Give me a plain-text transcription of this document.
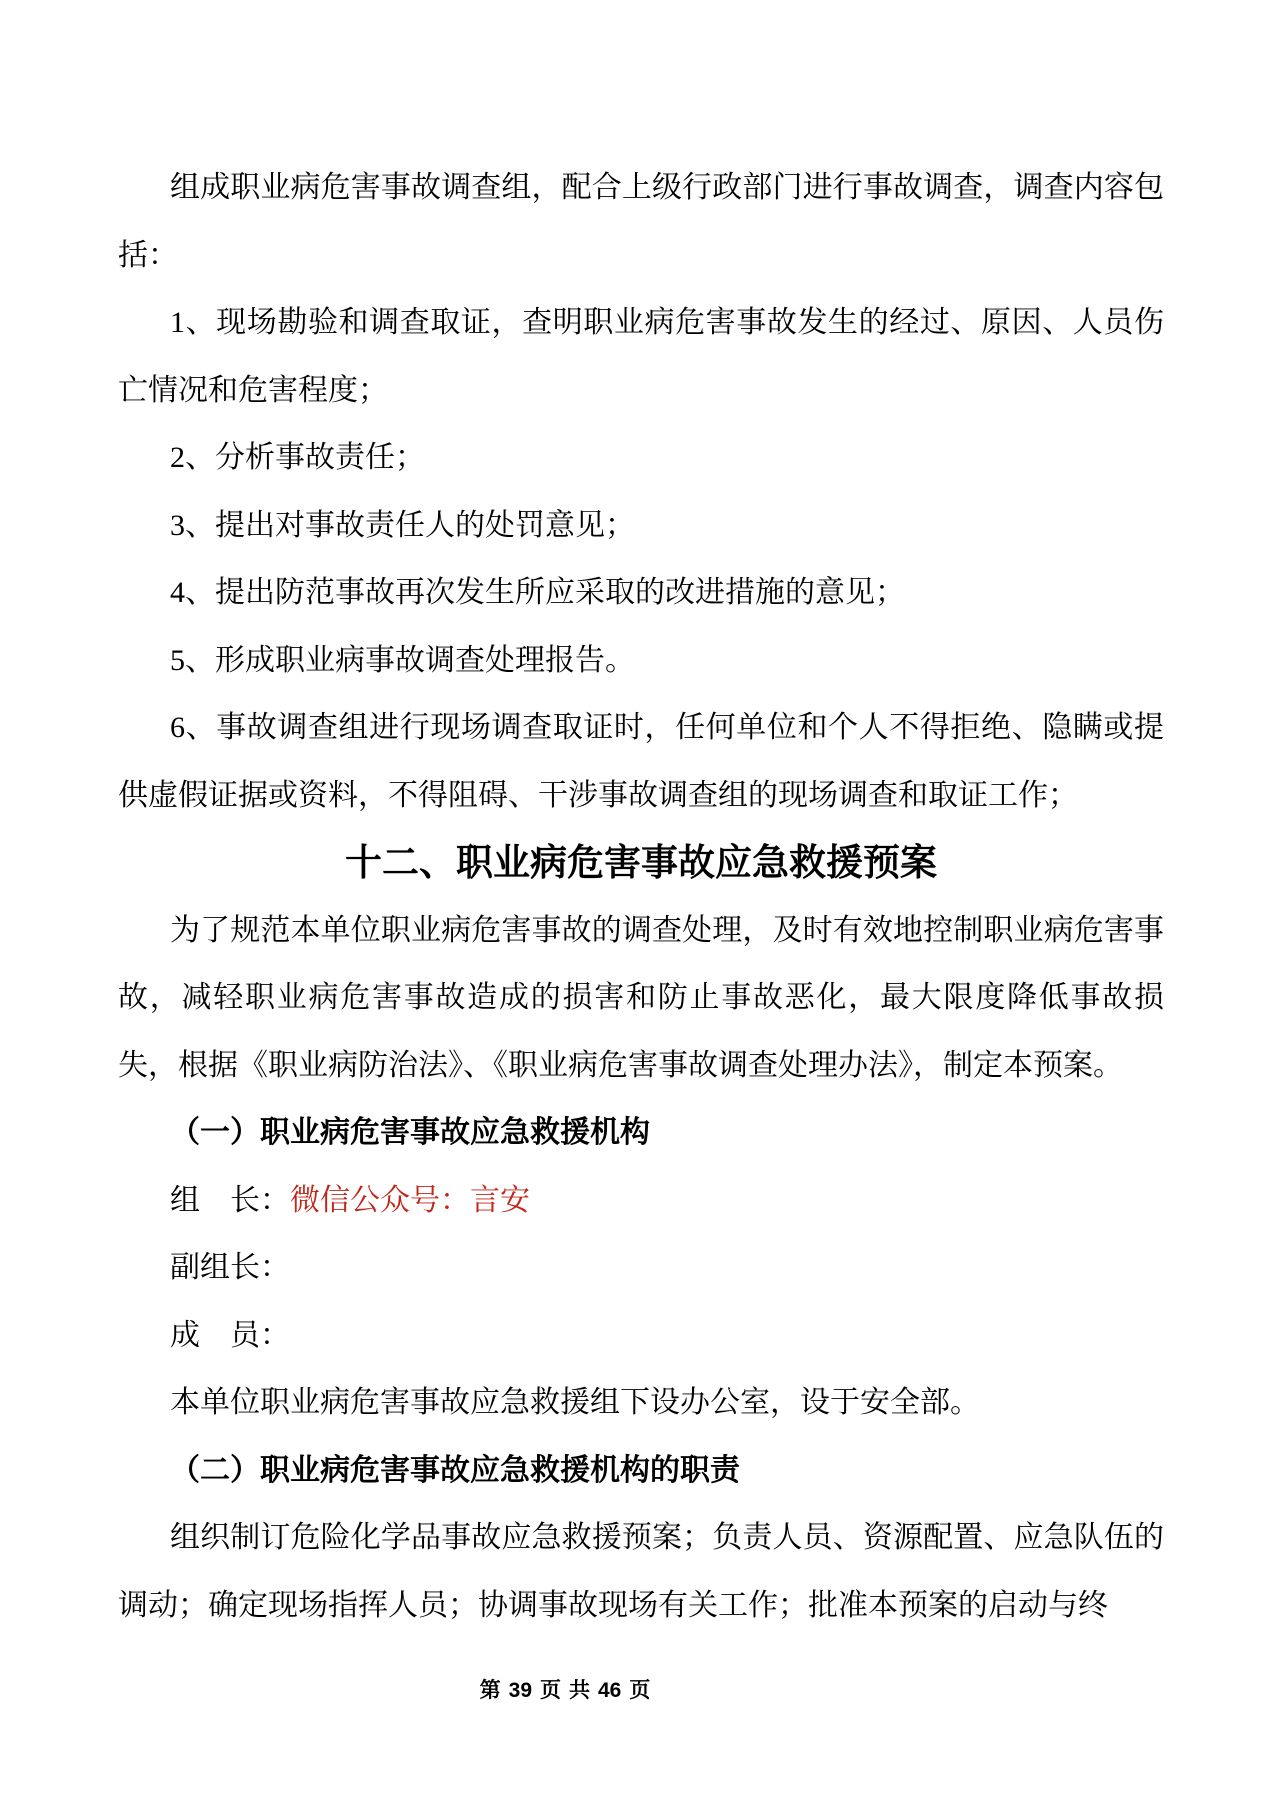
组成职业病危害事故调查组，配合上级行政部门进行事故调查，调查内容包括：

1、现场勘验和调查取证，查明职业病危害事故发生的经过、原因、人员伤亡情况和危害程度；

2、分析事故责任；

3、提出对事故责任人的处罚意见；

4、提出防范事故再次发生所应采取的改进措施的意见；

5、形成职业病事故调查处理报告。

6、事故调查组进行现场调查取证时，任何单位和个人不得拒绝、隐瞒或提供虚假证据或资料，不得阻碍、干涉事故调查组的现场调查和取证工作；

十二、职业病危害事故应急救援预案

为了规范本单位职业病危害事故的调查处理，及时有效地控制职业病危害事故，减轻职业病危害事故造成的损害和防止事故恶化，最大限度降低事故损失，根据《职业病防治法》、《职业病危害事故调查处理办法》，制定本预案。

（一）职业病危害事故应急救援机构

组　长：微信公众号：言安

副组长：

成　员：

本单位职业病危害事故应急救援组下设办公室，设于安全部。

（二）职业病危害事故应急救援机构的职责

组织制订危险化学品事故应急救援预案；负责人员、资源配置、应急队伍的调动；确定现场指挥人员；协调事故现场有关工作；批准本预案的启动与终

第 39 页 共 46 页
